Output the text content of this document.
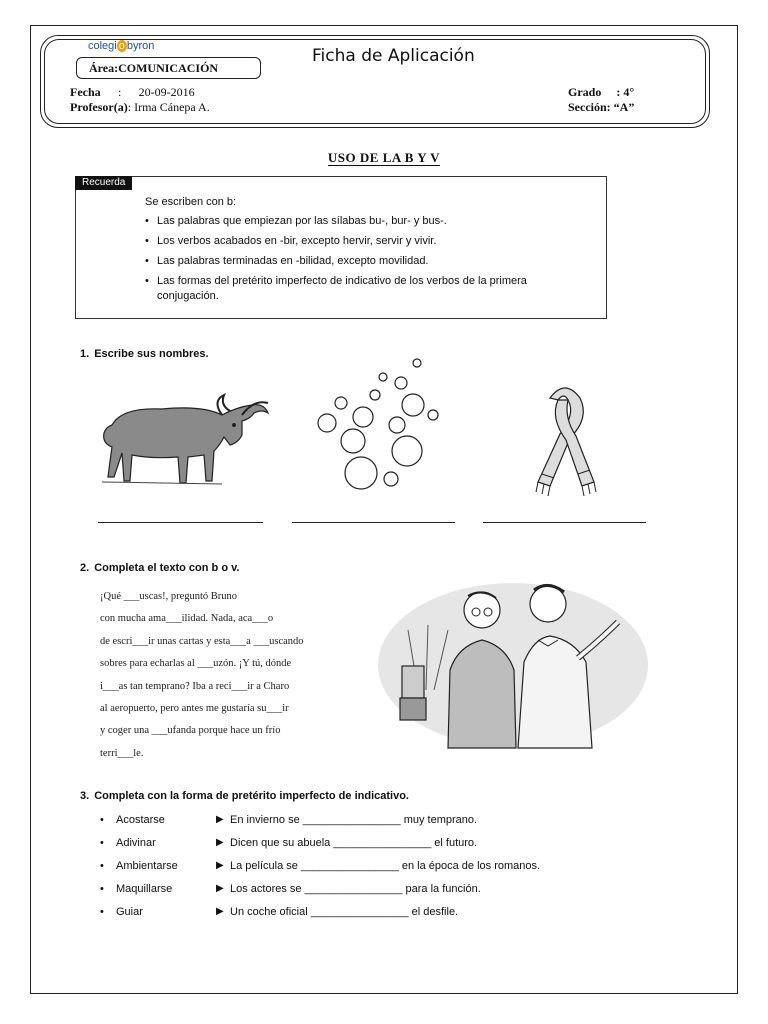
colegi o byron
Área:COMUNICACIÓN
Ficha de Aplicación
Fecha : 20-09-2016
Profesor(a): Irma Cánepa A.
Grado : 4°
Sección: “A”
USO DE LA B Y V
Recuerda
Se escriben con b:
• Las palabras que empiezan por las sílabas bu-, bur- y bus-.
• Los verbos acabados en -bir, excepto hervir, servir y vivir.
• Las palabras terminadas en -bilidad, excepto movilidad.
• Las formas del pretérito imperfecto de indicativo de los verbos de la primera conjugación.
1. Escribe sus nombres.
2. Completa el texto con b o v.
¡Qué ___uscas!, preguntó Bruno
con mucha ama___ilidad. Nada, aca___o
de escri___ir unas cartas y esta___a ___uscando
sobres para echarlas al ___uzón. ¡Y tú, dónde
i___as tan temprano? Iba a reci___ir a Charo
al aeropuerto, pero antes me gustaría su___ir
y coger una ___ufanda porque hace un frío
terri___le.
3. Completa con la forma de pretérito imperfecto de indicativo.
• Acostarse	▶ En invierno se ________________ muy temprano.
• Adivinar	▶ Dicen que su abuela ________________ el futuro.
• Ambientarse	▶ La película se ________________ en la época de los romanos.
• Maquillarse	▶ Los actores se ________________ para la función.
• Guiar	▶ Un coche oficial ________________ el desfile.
